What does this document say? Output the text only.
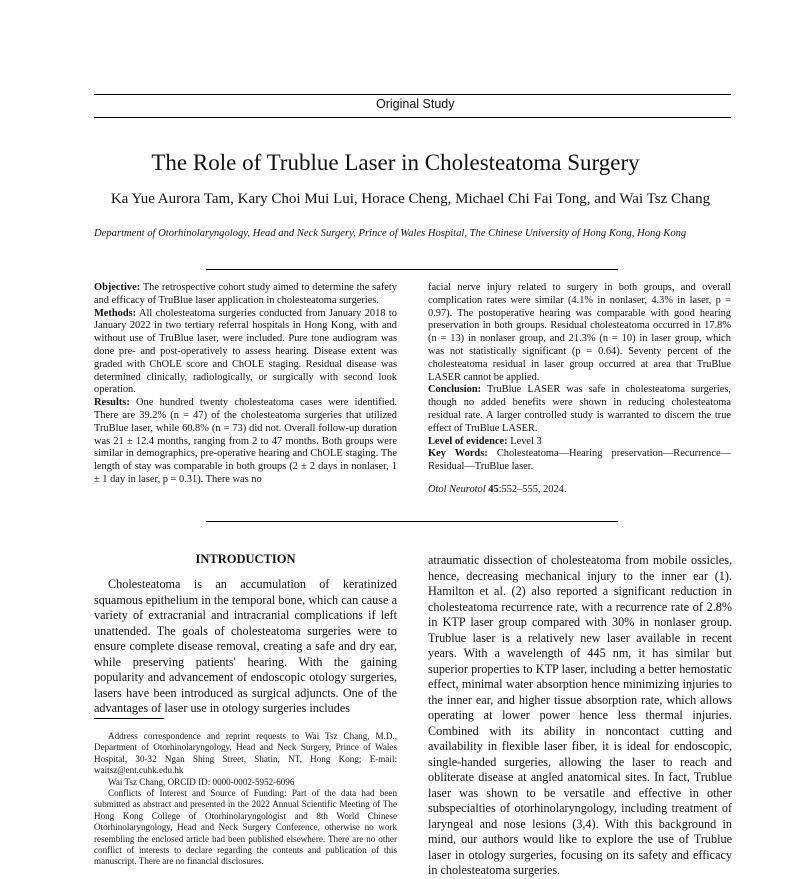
Original Study
The Role of Trublue Laser in Cholesteatoma Surgery
Ka Yue Aurora Tam, Kary Choi Mui Lui, Horace Cheng, Michael Chi Fai Tong, and Wai Tsz Chang
Department of Otorhinolaryngology, Head and Neck Surgery, Prince of Wales Hospital, The Chinese University of Hong Kong, Hong Kong

Objective: The retrospective cohort study aimed to determine the safety and efficacy of TruBlue laser application in cholesteatoma surgeries.

Methods: All cholesteatoma surgeries conducted from January 2018 to January 2022 in two tertiary referral hospitals in Hong Kong, with and without use of TruBlue laser, were included. Pure tone audiogram was done pre- and post-operatively to assess hearing. Disease extent was graded with ChOLE score and ChOLE staging. Residual disease was determined clinically, radiologically, or surgically with second look operation.

Results: One hundred twenty cholesteatoma cases were identified. There are 39.2% (n = 47) of the cholesteatoma surgeries that utilized TruBlue laser, while 60.8% (n = 73) did not. Overall follow-up duration was 21 ± 12.4 months, ranging from 2 to 47 months. Both groups were similar in demographics, pre-operative hearing and ChOLE staging. The length of stay was comparable in both groups (2 ± 2 days in nonlaser, 1 ± 1 day in laser, p = 0.31). There was no

facial nerve injury related to surgery in both groups, and overall complication rates were similar (4.1% in nonlaser, 4.3% in laser, p = 0.97). The postoperative hearing was comparable with good hearing preservation in both groups. Residual cholesteatoma occurred in 17.8% (n = 13) in nonlaser group, and 21.3% (n = 10) in laser group, which was not statistically significant (p = 0.64). Seventy percent of the cholesteatoma residual in laser group occurred at area that TruBlue LASER cannot be applied.

Conclusion: TruBlue LASER was safe in cholesteatoma surgeries, though no added benefits were shown in reducing cholesteatoma residual rate. A larger controlled study is warranted to discern the true effect of TruBlue LASER.

Level of evidence: Level 3

Key Words: Cholesteatoma—Hearing preservation—Recurrence—Residual—TruBlue laser.

Otol Neurotol 45:552–555, 2024.

INTRODUCTION

Cholesteatoma is an accumulation of keratinized squamous epithelium in the temporal bone, which can cause a variety of extracranial and intracranial complications if left unattended. The goals of cholesteatoma surgeries were to ensure complete disease removal, creating a safe and dry ear, while preserving patients' hearing. With the gaining popularity and advancement of endoscopic otology surgeries, lasers have been introduced as surgical adjuncts. One of the advantages of laser use in otology surgeries includes

atraumatic dissection of cholesteatoma from mobile ossicles, hence, decreasing mechanical injury to the inner ear (1). Hamilton et al. (2) also reported a significant reduction in cholesteatoma recurrence rate, with a recurrence rate of 2.8% in KTP laser group compared with 30% in nonlaser group. Trublue laser is a relatively new laser available in recent years. With a wavelength of 445 nm, it has similar but superior properties to KTP laser, including a better hemostatic effect, minimal water absorption hence minimizing injuries to the inner ear, and higher tissue absorption rate, which allows operating at lower power hence less thermal injuries. Combined with its ability in noncontact cutting and availability in flexible laser fiber, it is ideal for endoscopic, single-handed surgeries, allowing the laser to reach and obliterate disease at angled anatomical sites. In fact, Trublue laser was shown to be versatile and effective in other subspecialties of otorhinolaryngology, including treatment of laryngeal and nose lesions (3,4). With this background in mind, our authors would like to explore the use of Trublue laser in otology surgeries, focusing on its safety and efficacy in cholesteatoma surgeries.

Address correspondence and reprint requests to Wai Tsz Chang, M.D., Department of Otorhinolaryngology, Head and Neck Surgery, Prince of Wales Hospital, 30-32 Ngan Shing Street, Shatin, NT, Hong Kong; E-mail: waitsz@ent.cuhk.edu.hk

Wai Tsz Chang, ORCID ID: 0000-0002-5952-6096

Conflicts of Interest and Source of Funding: Part of the data had been submitted as abstract and presented in the 2022 Annual Scientific Meeting of The Hong Kong College of Otorhinolaryngologist and 8th World Chinese Otorhinolaryngology, Head and Neck Surgery Conference, otherwise no work resembling the enclosed article had been published elsewhere. There are no other conflict of interests to declare regarding the contents and publication of this manuscript. There are no financial disclosures.
